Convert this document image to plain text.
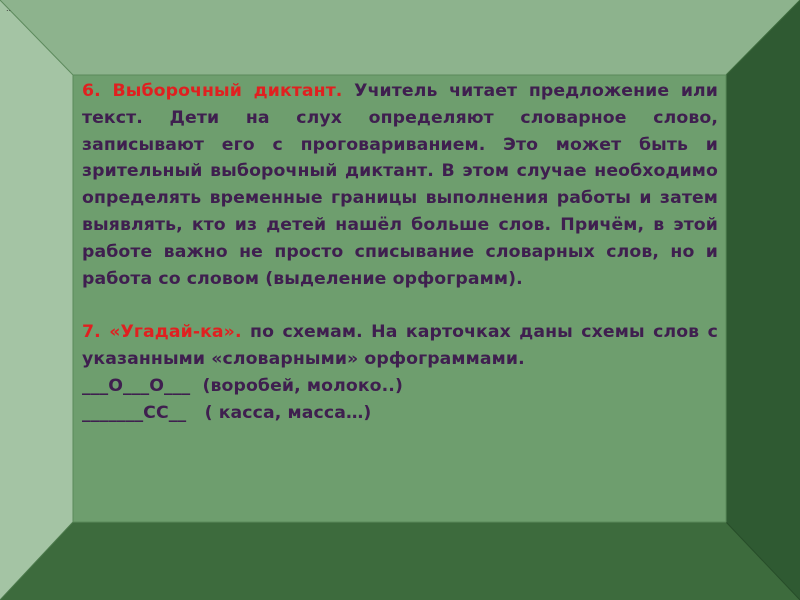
..

6. Выборочный диктант. Учитель читает предложение или текст. Дети на слух определяют словарное слово, записывают его с проговариванием. Это может быть и зрительный выборочный диктант. В этом случае необходимо определять временные границы выполнения работы и затем выявлять, кто из детей нашёл больше слов. Причём, в этой работе важно не просто списывание словарных слов, но и работа со словом (выделение орфограмм).

7. «Угадай-ка». по схемам. На карточках даны схемы слов с указанными «словарными» орфограммами.

___О___О___  (воробей, молоко..)

_______СС__   ( касса, масса…)
